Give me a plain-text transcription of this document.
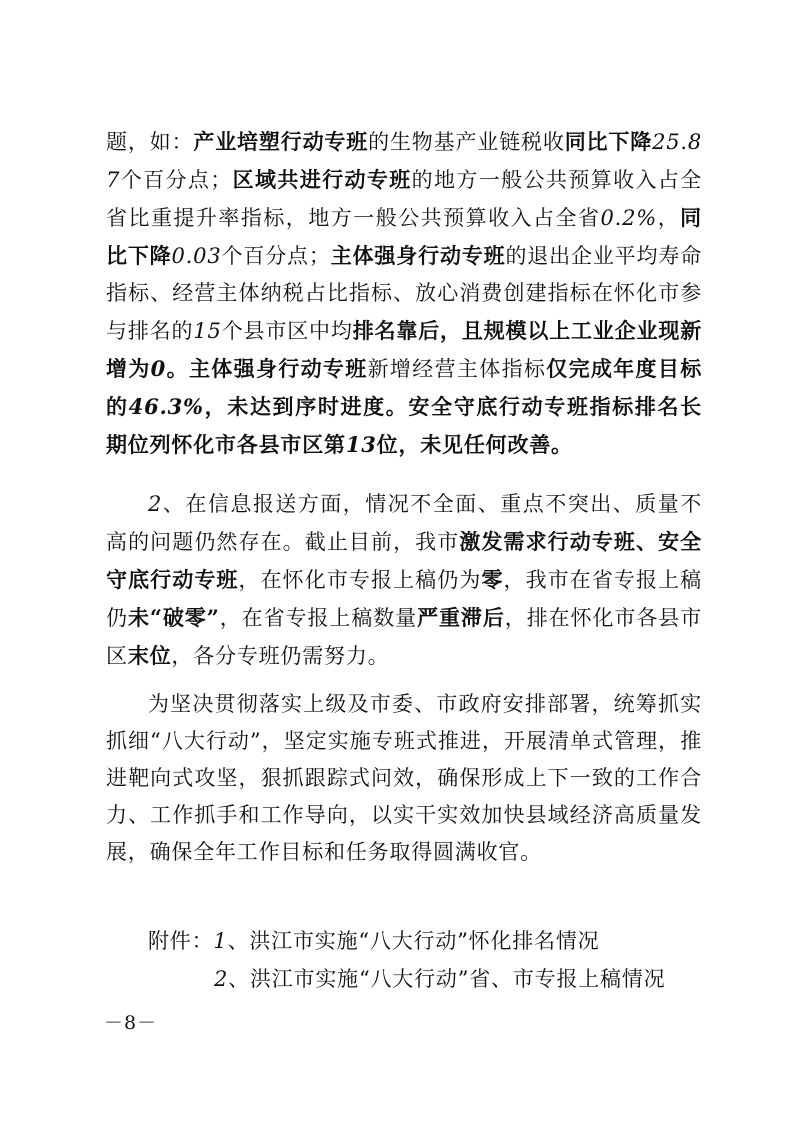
题，如：产业培塑行动专班的生物基产业链税收同比下降25.87个百分点；区域共进行动专班的地方一般公共预算收入占全省比重提升率指标，地方一般公共预算收入占全省0.2%，同比下降0.03个百分点；主体强身行动专班的退出企业平均寿命指标、经营主体纳税占比指标、放心消费创建指标在怀化市参与排名的15个县市区中均排名靠后，且规模以上工业企业现新增为0。主体强身行动专班新增经营主体指标仅完成年度目标的46.3%，未达到序时进度。安全守底行动专班指标排名长期位列怀化市各县市区第13位，未见任何改善。

2、在信息报送方面，情况不全面、重点不突出、质量不高的问题仍然存在。截止目前，我市激发需求行动专班、安全守底行动专班，在怀化市专报上稿仍为零，我市在省专报上稿仍未“破零”，在省专报上稿数量严重滞后，排在怀化市各县市区末位，各分专班仍需努力。

为坚决贯彻落实上级及市委、市政府安排部署，统筹抓实抓细“八大行动”，坚定实施专班式推进，开展清单式管理，推进靶向式攻坚，狠抓跟踪式问效，确保形成上下一致的工作合力、工作抓手和工作导向，以实干实效加快县域经济高质量发展，确保全年工作目标和任务取得圆满收官。

附件：1、洪江市实施“八大行动”怀化排名情况

2、洪江市实施“八大行动”省、市专报上稿情况

－8－
